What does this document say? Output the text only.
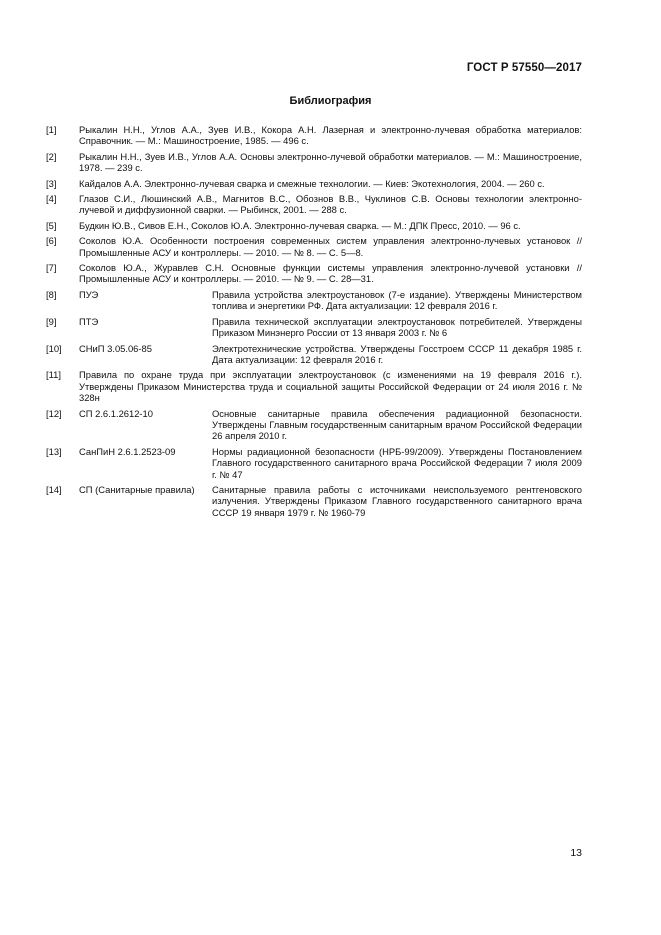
ГОСТ Р 57550—2017
Библиография
[1]	Рыкалин Н.Н., Углов А.А., Зуев И.В., Кокора А.Н. Лазерная и электронно-лучевая обработка материалов: Справочник. — М.: Машиностроение, 1985. — 496 с.
[2]	Рыкалин Н.Н., Зуев И.В., Углов А.А. Основы электронно-лучевой обработки материалов. — М.: Машиностроение, 1978. — 239 с.
[3]	Кайдалов А.А. Электронно-лучевая сварка и смежные технологии. — Киев: Экотехнология, 2004. — 260 с.
[4]	Глазов С.И., Люшинский А.В., Магнитов В.С., Обознов В.В., Чуклинов С.В. Основы технологии электронно-лучевой и диффузионной сварки. — Рыбинск, 2001. — 288 с.
[5]	Будкин Ю.В., Сивов Е.Н., Соколов Ю.А. Электронно-лучевая сварка. — М.: ДПК Пресс, 2010. — 96 с.
[6]	Соколов Ю.А. Особенности построения современных систем управления электронно-лучевых установок // Промышленные АСУ и контроллеры. — 2010. — № 8. — С. 5—8.
[7]	Соколов Ю.А., Журавлев С.Н. Основные функции системы управления электронно-лучевой установки // Промышленные АСУ и контроллеры. — 2010. — № 9. — С. 28—31.
[8]	ПУЭ	Правила устройства электроустановок (7-е издание). Утверждены Министерством топлива и энергетики РФ. Дата актуализации: 12 февраля 2016 г.
[9]	ПТЭ	Правила технической эксплуатации электроустановок потребителей. Утверждены Приказом Минэнерго России от 13 января 2003 г. № 6
[10]	СНиП 3.05.06-85	Электротехнические устройства. Утверждены Госстроем СССР 11 декабря 1985 г. Дата актуализации: 12 февраля 2016 г.
[11]	Правила по охране труда при эксплуатации электроустановок (с изменениями на 19 февраля 2016 г.). Утверждены Приказом Министерства труда и социальной защиты Российской Федерации от 24 июля 2016 г. № 328н
[12]	СП 2.6.1.2612-10	Основные санитарные правила обеспечения радиационной безопасности. Утверждены Главным государственным санитарным врачом Российской Федерации 26 апреля 2010 г.
[13]	СанПиН 2.6.1.2523-09	Нормы радиационной безопасности (НРБ-99/2009). Утверждены Постановлением Главного государственного санитарного врача Российской Федерации 7 июля 2009 г. № 47
[14]	СП (Санитарные правила)	Санитарные правила работы с источниками неиспользуемого рентгеновского излучения. Утверждены Приказом Главного государственного санитарного врача СССР 19 января 1979 г. № 1960-79
13
